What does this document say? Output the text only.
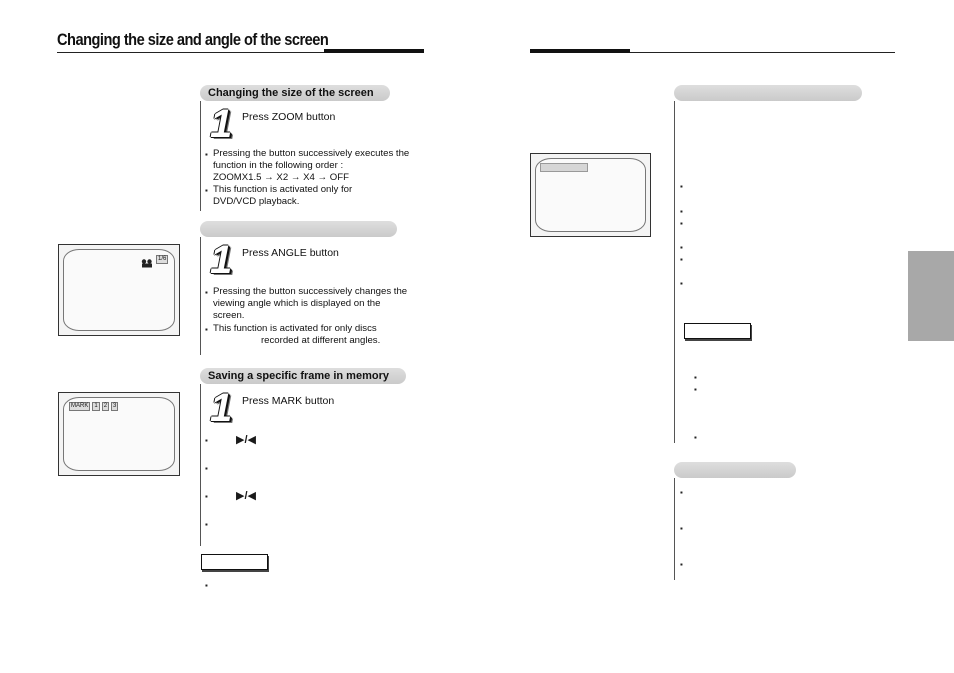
Changing the size and angle of the screen
Changing the size of the screen
1 Press ZOOM button
▪ Pressing the button successively executes the
function in the following order :
ZOOMX1.5 → X2 → X4 → OFF
▪ This function is activated only for
DVD/VCD playback.
1 Press ANGLE button
▪ Pressing the button successively changes the
viewing angle which is displayed on the
screen.
▪ This function is activated for only discs
recorded at different angles.
1/6
Saving a specific frame in memory
1 Press MARK button
▪	▶/◀
▪
▪	▶/◀
▪
MARK	1	2	3
▪
▪
▪
▪
▪
▪
▪
▪
▪
▪
▪
▪
▪
